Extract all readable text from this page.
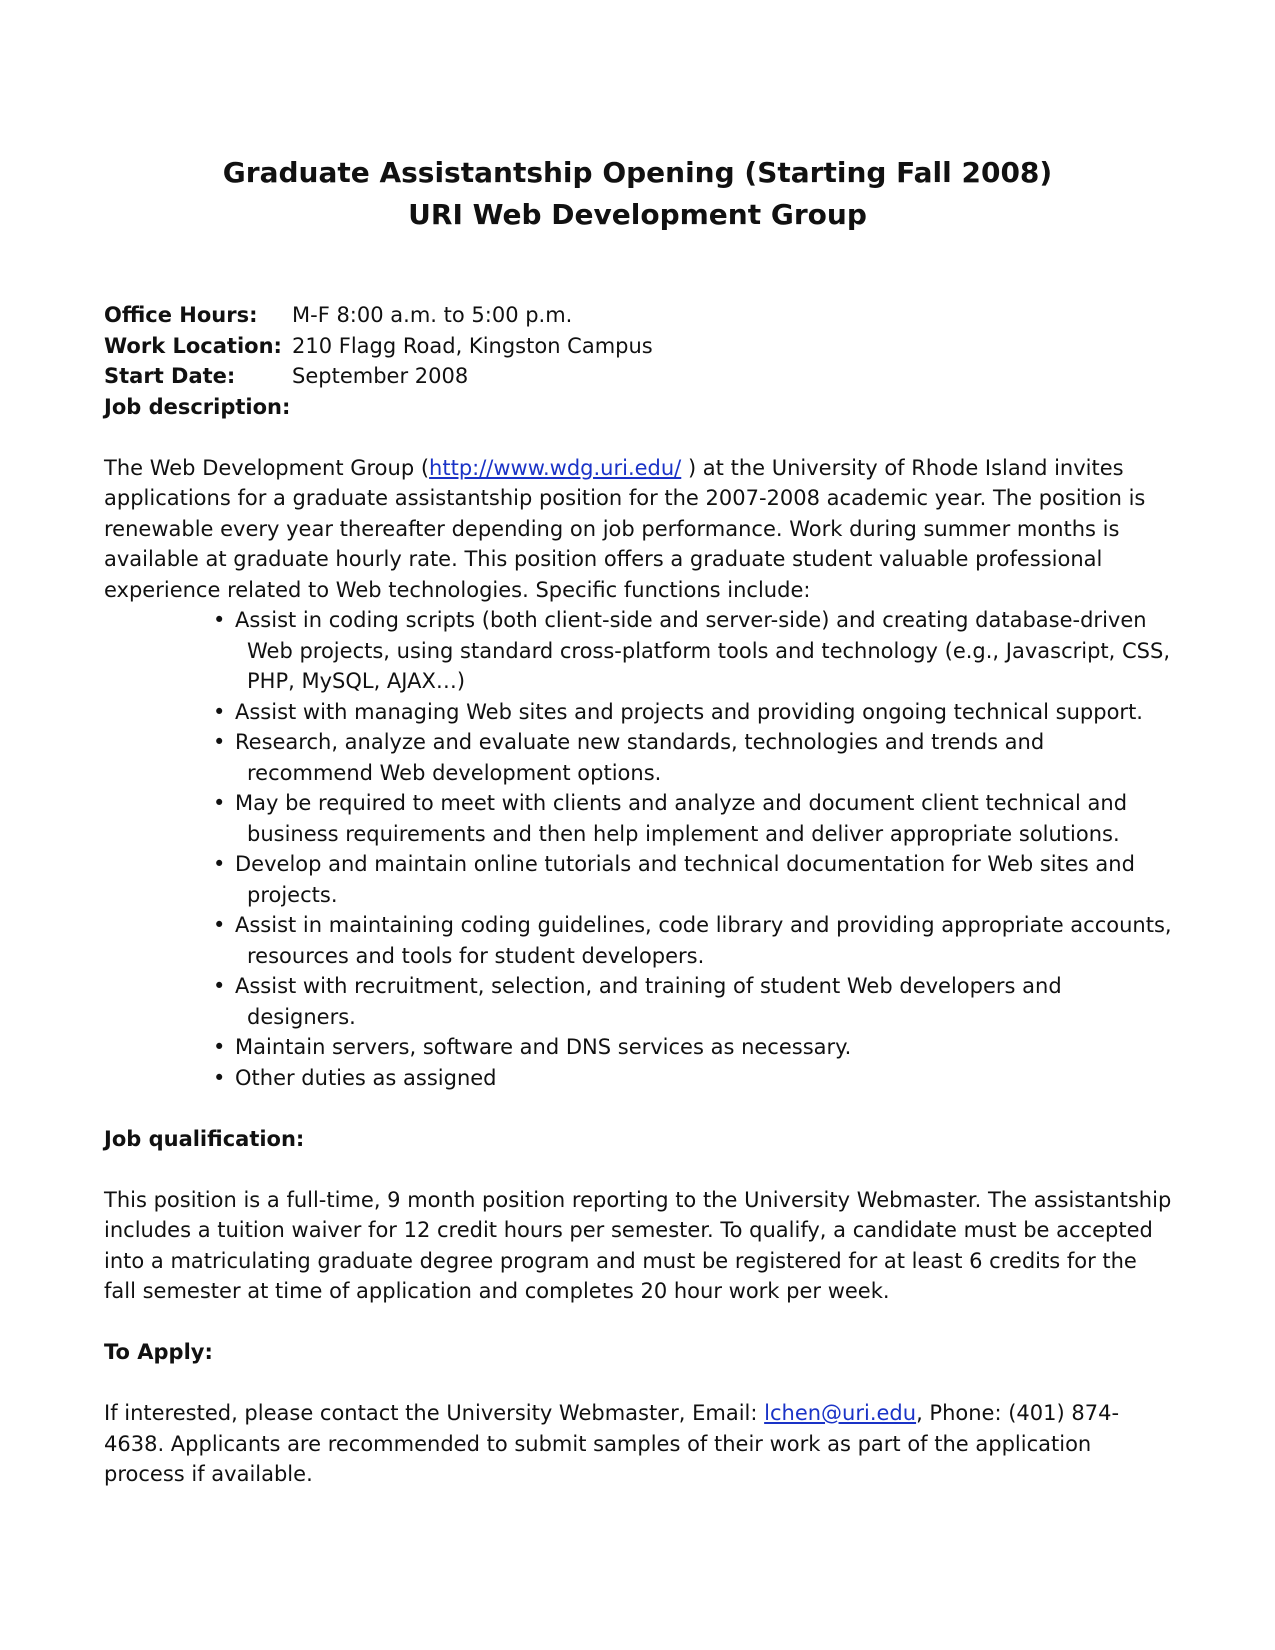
Graduate Assistantship Opening (Starting Fall 2008)
URI Web Development Group
Office Hours:	M-F 8:00 a.m. to 5:00 p.m.
Work Location: 210 Flagg Road, Kingston Campus
Start Date:	September 2008
Job description:

The Web Development Group (http://www.wdg.uri.edu/ ) at the University of Rhode Island invites applications for a graduate assistantship position for the 2007-2008 academic year. The position is renewable every year thereafter depending on job performance. Work during summer months is available at graduate hourly rate. This position offers a graduate student valuable professional experience related to Web technologies. Specific functions include:

• Assist in coding scripts (both client-side and server-side) and creating database-driven Web projects, using standard cross-platform tools and technology (e.g., Javascript, CSS, PHP, MySQL, AJAX…)
• Assist with managing Web sites and projects and providing ongoing technical support.
• Research, analyze and evaluate new standards, technologies and trends and recommend Web development options.
• May be required to meet with clients and analyze and document client technical and business requirements and then help implement and deliver appropriate solutions.
• Develop and maintain online tutorials and technical documentation for Web sites and projects.
• Assist in maintaining coding guidelines, code library and providing appropriate accounts, resources and tools for student developers.
• Assist with recruitment, selection, and training of student Web developers and designers.
• Maintain servers, software and DNS services as necessary.
• Other duties as assigned
Job qualification:

This position is a full-time, 9 month position reporting to the University Webmaster. The assistantship includes a tuition waiver for 12 credit hours per semester. To qualify, a candidate must be accepted into a matriculating graduate degree program and must be registered for at least 6 credits for the fall semester at time of application and completes 20 hour work per week.

To Apply:

If interested, please contact the University Webmaster, Email: lchen@uri.edu, Phone: (401) 874-4638. Applicants are recommended to submit samples of their work as part of the application process if available.
